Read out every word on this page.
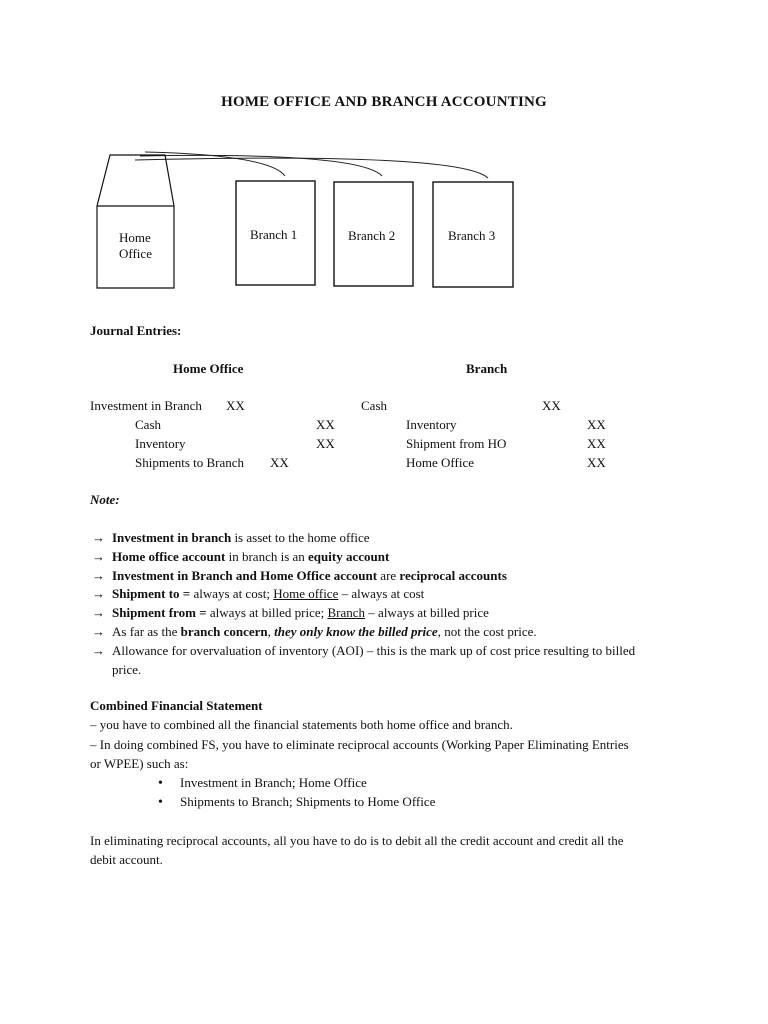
HOME OFFICE AND BRANCH ACCOUNTING
Home
Office
Branch 1	Branch 2	Branch 3
Journal Entries:
Home Office	Branch
Investment in Branch XX
Cash	XX
Inventory	XX
Shipments to Branch XX
Cash	XX
Inventory	XX
Shipment from HO	XX
Home Office	XX
Note:
→ Investment in branch is asset to the home office
→ Home office account in branch is an equity account
→ Investment in Branch and Home Office account are reciprocal accounts
→ Shipment to = always at cost; Home office – always at cost
→ Shipment from = always at billed price; Branch – always at billed price
→ As far as the branch concern, they only know the billed price, not the cost price.
→ Allowance for overvaluation of inventory (AOI) – this is the mark up of cost price resulting to billed
price.
Combined Financial Statement
– you have to combined all the financial statements both home office and branch.
– In doing combined FS, you have to eliminate reciprocal accounts (Working Paper Eliminating Entries
or WPEE) such as:
• Investment in Branch; Home Office
• Shipments to Branch; Shipments to Home Office
In eliminating reciprocal accounts, all you have to do is to debit all the credit account and credit all the
debit account.
